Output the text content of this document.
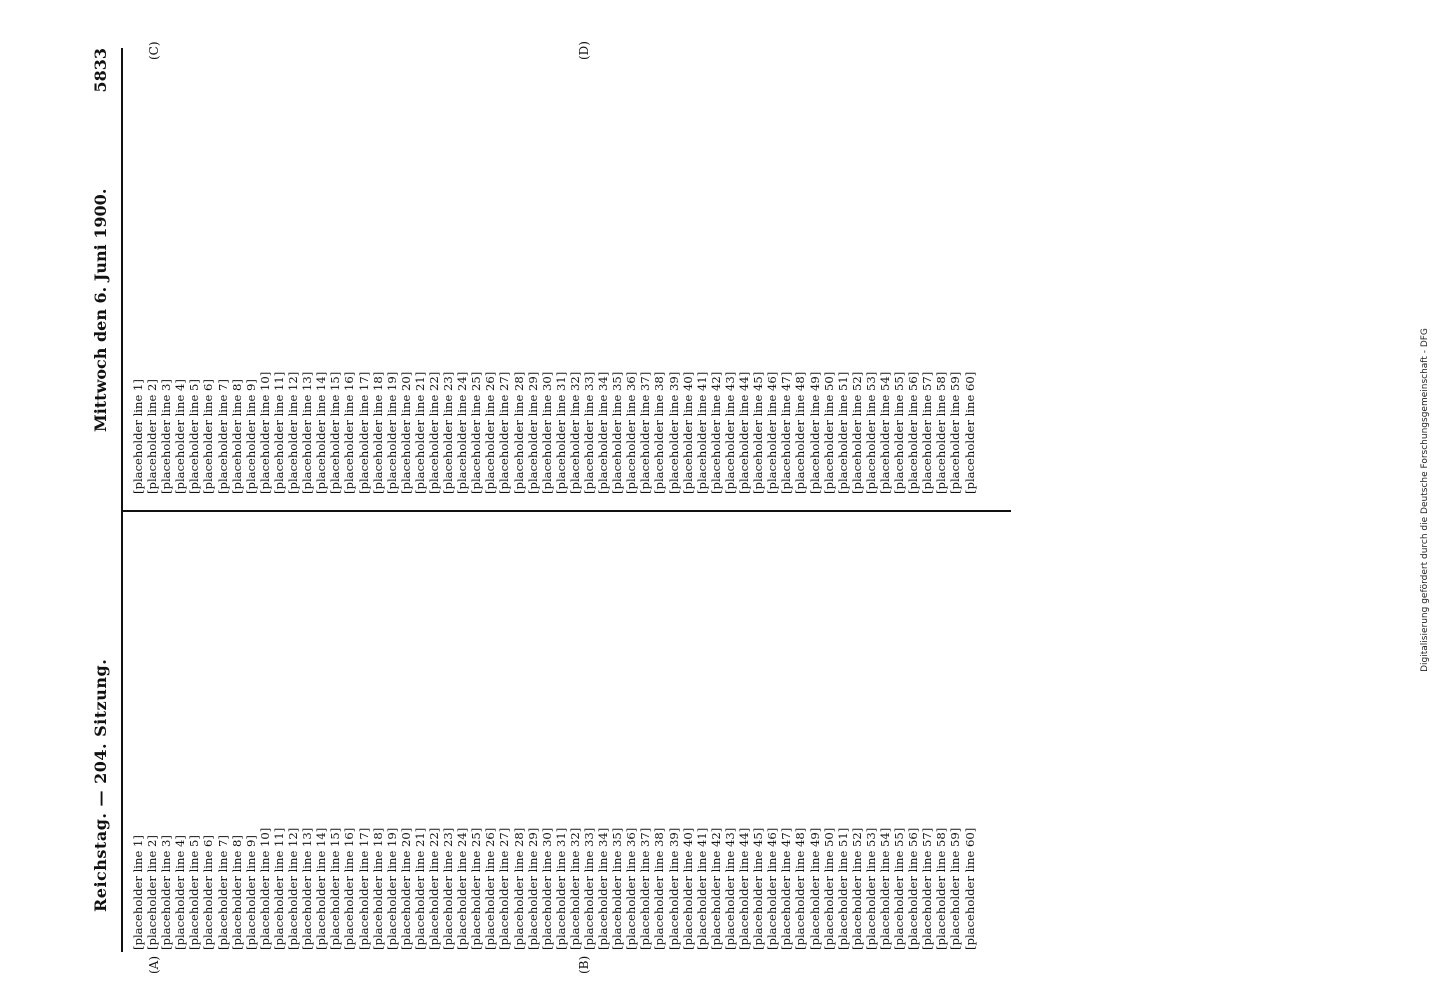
Reichstag. — 204. Sitzung.
Mittwoch den 6. Juni 1900.
5833

[placeholder line 1] [placeholder line 2] [placeholder line 3] [placeholder line 4] [placeholder line 5] [placeholder line 6] [placeholder line 7] [placeholder line 8] [placeholder line 9] [placeholder line 10] [placeholder line 11] [placeholder line 12] [placeholder line 13] [placeholder line 14] [placeholder line 15] [placeholder line 16] [placeholder line 17] [placeholder line 18] [placeholder line 19] [placeholder line 20] [placeholder line 21] [placeholder line 22] [placeholder line 23] [placeholder line 24] [placeholder line 25] [placeholder line 26] [placeholder line 27] [placeholder line 28] [placeholder line 29] [placeholder line 30] [placeholder line 31] [placeholder line 32] [placeholder line 33] [placeholder line 34] [placeholder line 35] [placeholder line 36] [placeholder line 37] [placeholder line 38] [placeholder line 39] [placeholder line 40] [placeholder line 41] [placeholder line 42] [placeholder line 43] [placeholder line 44] [placeholder line 45] [placeholder line 46] [placeholder line 47] [placeholder line 48] [placeholder line 49] [placeholder line 50] [placeholder line 51] [placeholder line 52] [placeholder line 53] [placeholder line 54] [placeholder line 55] [placeholder line 56] [placeholder line 57] [placeholder line 58] [placeholder line 59] [placeholder line 60]

[placeholder line 1] [placeholder line 2] [placeholder line 3] [placeholder line 4] [placeholder line 5] [placeholder line 6] [placeholder line 7] [placeholder line 8] [placeholder line 9] [placeholder line 10] [placeholder line 11] [placeholder line 12] [placeholder line 13] [placeholder line 14] [placeholder line 15] [placeholder line 16] [placeholder line 17] [placeholder line 18] [placeholder line 19] [placeholder line 20] [placeholder line 21] [placeholder line 22] [placeholder line 23] [placeholder line 24] [placeholder line 25] [placeholder line 26] [placeholder line 27] [placeholder line 28] [placeholder line 29] [placeholder line 30] [placeholder line 31] [placeholder line 32] [placeholder line 33] [placeholder line 34] [placeholder line 35] [placeholder line 36] [placeholder line 37] [placeholder line 38] [placeholder line 39] [placeholder line 40] [placeholder line 41] [placeholder line 42] [placeholder line 43] [placeholder line 44] [placeholder line 45] [placeholder line 46] [placeholder line 47] [placeholder line 48] [placeholder line 49] [placeholder line 50] [placeholder line 51] [placeholder line 52] [placeholder line 53] [placeholder line 54] [placeholder line 55] [placeholder line 56] [placeholder line 57] [placeholder line 58] [placeholder line 59] [placeholder line 60]

(A)	(B)
(C)	(D)
Digitalisierung gefördert durch die Deutsche Forschungsgemeinschaft - DFG
